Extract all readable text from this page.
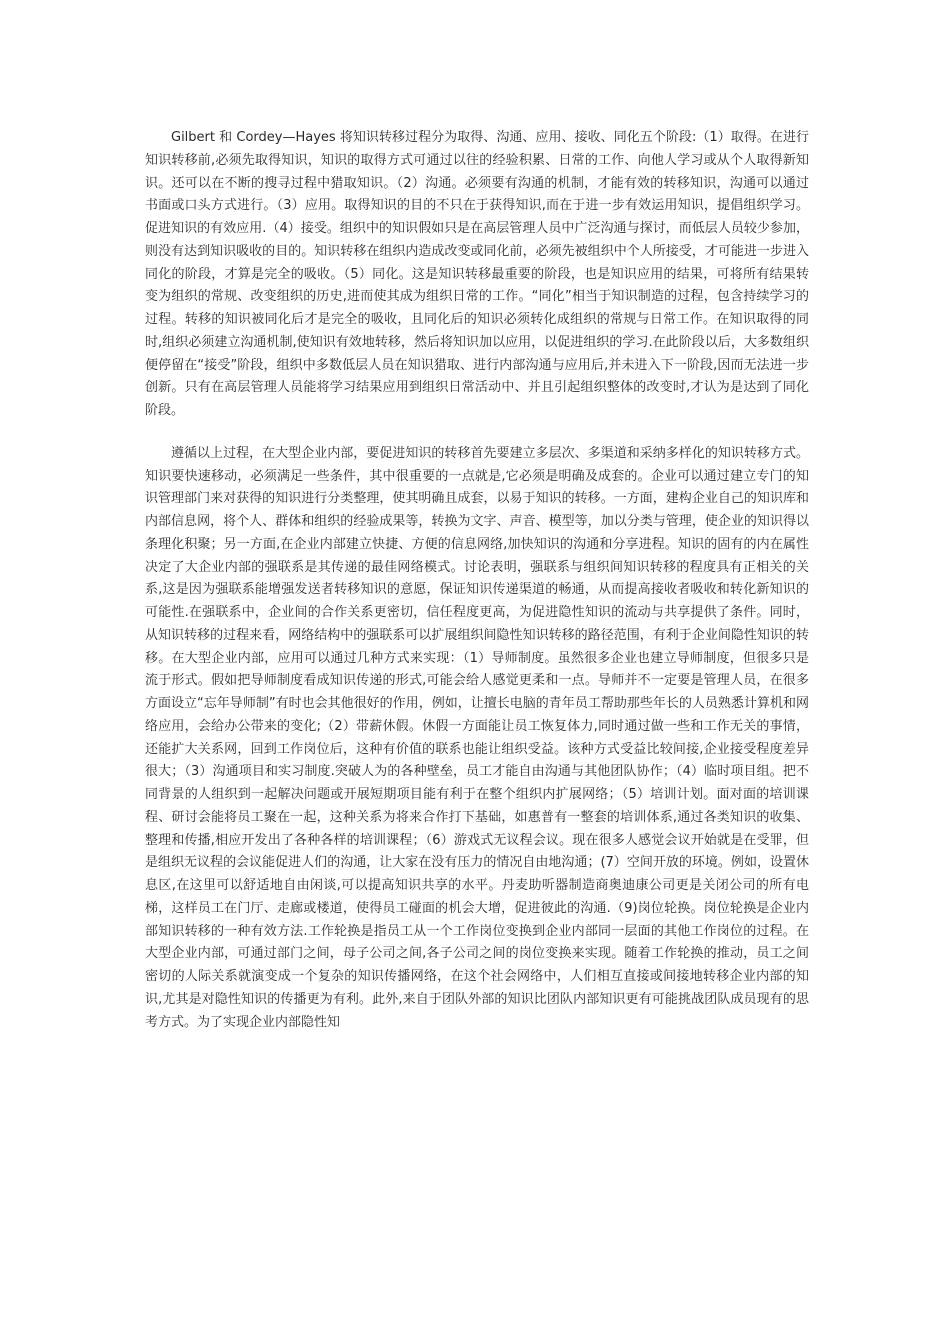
Gilbert 和 Cordey—Hayes 将知识转移过程分为取得、沟通、应用、接收、同化五个阶段:（1）取得。在进行知识转移前,必须先取得知识，知识的取得方式可通过以往的经验积累、日常的工作、向他人学习或从个人取得新知识。还可以在不断的搜寻过程中猎取知识。（2）沟通。必须要有沟通的机制，才能有效的转移知识，沟通可以通过书面或口头方式进行。（3）应用。取得知识的目的不只在于获得知识,而在于进一步有效运用知识，提倡组织学习。促进知识的有效应用.（4）接受。组织中的知识假如只是在高层管理人员中广泛沟通与探讨，而低层人员较少参加，则没有达到知识吸收的目的。知识转移在组织内造成改变或同化前，必须先被组织中个人所接受，才可能进一步进入同化的阶段，才算是完全的吸收。（5）同化。这是知识转移最重要的阶段，也是知识应用的结果，可将所有结果转变为组织的常规、改变组织的历史,进而使其成为组织日常的工作。“同化”相当于知识制造的过程，包含持续学习的过程。转移的知识被同化后才是完全的吸收，且同化后的知识必须转化成组织的常规与日常工作。在知识取得的同时,组织必须建立沟通机制,使知识有效地转移，然后将知识加以应用，以促进组织的学习.在此阶段以后，大多数组织便停留在“接受”阶段，组织中多数低层人员在知识猎取、进行内部沟通与应用后,并未进入下一阶段,因而无法进一步创新。只有在高层管理人员能将学习结果应用到组织日常活动中、并且引起组织整体的改变时,才认为是达到了同化阶段。

遵循以上过程，在大型企业内部，要促进知识的转移首先要建立多层次、多渠道和采纳多样化的知识转移方式。知识要快速移动，必须满足一些条件，其中很重要的一点就是,它必须是明确及成套的。企业可以通过建立专门的知识管理部门来对获得的知识进行分类整理，使其明确且成套，以易于知识的转移。一方面，建构企业自己的知识库和内部信息网，将个人、群体和组织的经验成果等，转换为文字、声音、模型等，加以分类与管理，使企业的知识得以条理化积聚；另一方面,在企业内部建立快捷、方便的信息网络,加快知识的沟通和分享进程。知识的固有的内在属性决定了大企业内部的强联系是其传递的最佳网络模式。讨论表明，强联系与组织间知识转移的程度具有正相关的关系,这是因为强联系能增强发送者转移知识的意愿，保证知识传递渠道的畅通，从而提高接收者吸收和转化新知识的可能性.在强联系中，企业间的合作关系更密切，信任程度更高，为促进隐性知识的流动与共享提供了条件。同时，从知识转移的过程来看，网络结构中的强联系可以扩展组织间隐性知识转移的路径范围，有利于企业间隐性知识的转移。在大型企业内部，应用可以通过几种方式来实现：（1）导师制度。虽然很多企业也建立导师制度，但很多只是流于形式。假如把导师制度看成知识传递的形式,可能会给人感觉更柔和一点。导师并不一定要是管理人员，在很多方面设立“忘年导师制”有时也会其他很好的作用，例如，让擅长电脑的青年员工帮助那些年长的人员熟悉计算机和网络应用，会给办公带来的变化;（2）带薪休假。休假一方面能让员工恢复体力,同时通过做一些和工作无关的事情，还能扩大关系网，回到工作岗位后，这种有价值的联系也能让组织受益。该种方式受益比较间接,企业接受程度差异很大；（3）沟通项目和实习制度.突破人为的各种壁垒，员工才能自由沟通与其他团队协作；（4）临时项目组。把不同背景的人组织到一起解决问题或开展短期项目能有利于在整个组织内扩展网络；（5）培训计划。面对面的培训课程、研讨会能将员工聚在一起，这种关系为将来合作打下基础，如惠普有一整套的培训体系,通过各类知识的收集、整理和传播,相应开发出了各种各样的培训课程；（6）游戏式无议程会议。现在很多人感觉会议开始就是在受罪，但是组织无议程的会议能促进人们的沟通，让大家在没有压力的情况自由地沟通；(7）空间开放的环境。例如，设置休息区,在这里可以舒适地自由闲谈,可以提高知识共享的水平。丹麦助听器制造商奥迪康公司更是关闭公司的所有电梯，这样员工在门厅、走廊或楼道，使得员工碰面的机会大增，促进彼此的沟通.（9)岗位轮换。岗位轮换是企业内部知识转移的一种有效方法.工作轮换是指员工从一个工作岗位变换到企业内部同一层面的其他工作岗位的过程。在大型企业内部，可通过部门之间，母子公司之间,各子公司之间的岗位变换来实现。随着工作轮换的推动，员工之间密切的人际关系就演变成一个复杂的知识传播网络，在这个社会网络中，人们相互直接或间接地转移企业内部的知识,尤其是对隐性知识的传播更为有利。此外,来自于团队外部的知识比团队内部知识更有可能挑战团队成员现有的思考方式。为了实现企业内部隐性知
